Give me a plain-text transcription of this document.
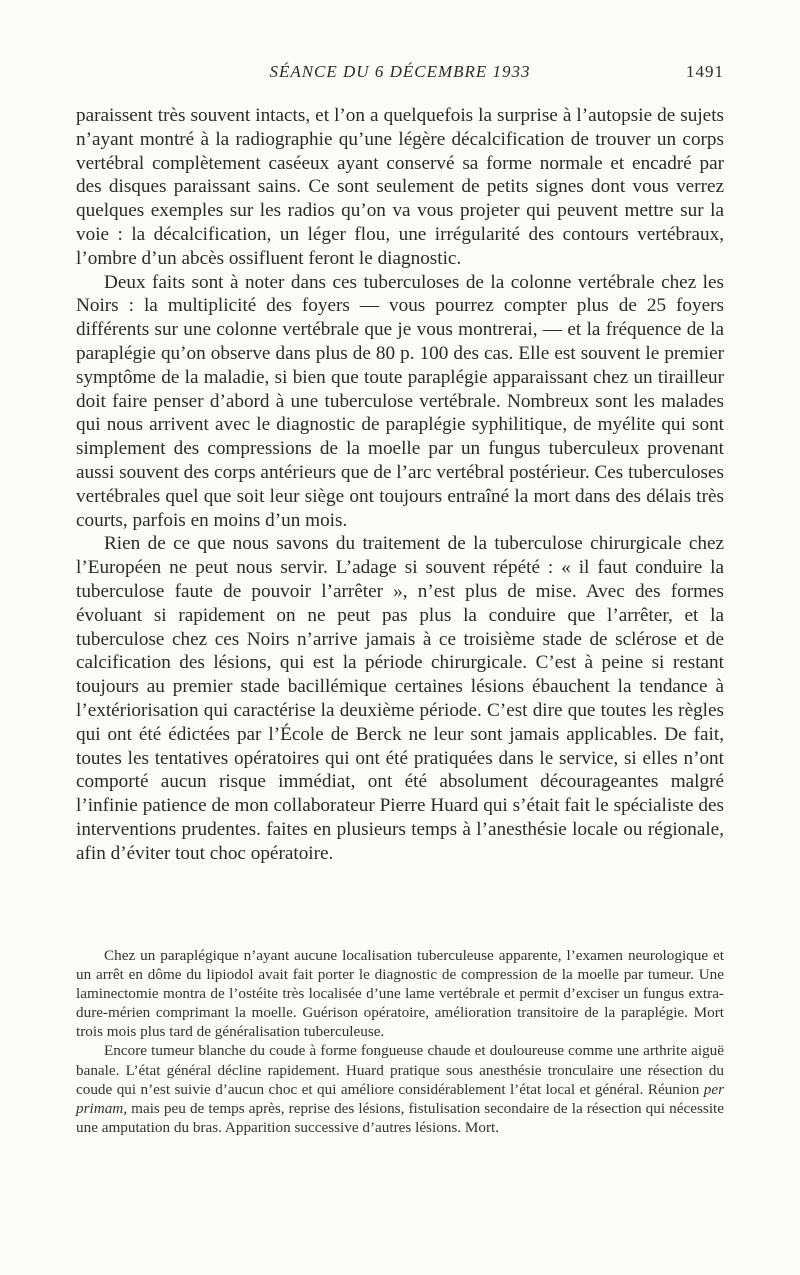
SÉANCE DU 6 DÉCEMBRE 1933	1491

paraissent très souvent intacts, et l’on a quelquefois la surprise à l’autopsie de sujets n’ayant montré à la radiographie qu’une légère décalcification de trouver un corps vertébral complètement caséeux ayant conservé sa forme normale et encadré par des disques paraissant sains. Ce sont seulement de petits signes dont vous verrez quelques exemples sur les radios qu’on va vous projeter qui peuvent mettre sur la voie : la décalcification, un léger flou, une irrégularité des contours vertébraux, l’ombre d’un abcès ossifluent feront le diagnostic.

Deux faits sont à noter dans ces tuberculoses de la colonne vertébrale chez les Noirs : la multiplicité des foyers — vous pourrez compter plus de 25 foyers différents sur une colonne vertébrale que je vous montrerai, — et la fréquence de la paraplégie qu’on observe dans plus de 80 p. 100 des cas. Elle est souvent le premier symptôme de la maladie, si bien que toute paraplégie apparaissant chez un tirailleur doit faire penser d’abord à une tuberculose vertébrale. Nombreux sont les malades qui nous arrivent avec le diagnostic de paraplégie syphilitique, de myélite qui sont simplement des compressions de la moelle par un fungus tuberculeux provenant aussi souvent des corps antérieurs que de l’arc vertébral postérieur. Ces tuberculoses vertébrales quel que soit leur siège ont toujours entraîné la mort dans des délais très courts, parfois en moins d’un mois.

Rien de ce que nous savons du traitement de la tuberculose chirurgicale chez l’Européen ne peut nous servir. L’adage si souvent répété : « il faut conduire la tuberculose faute de pouvoir l’arrêter », n’est plus de mise. Avec des formes évoluant si rapidement on ne peut pas plus la conduire que l’arrêter, et la tuberculose chez ces Noirs n’arrive jamais à ce troisième stade de sclérose et de calcification des lésions, qui est la période chirurgicale. C’est à peine si restant toujours au premier stade bacillémique certaines lésions ébauchent la tendance à l’extériorisation qui caractérise la deuxième période. C’est dire que toutes les règles qui ont été édictées par l’École de Berck ne leur sont jamais applicables. De fait, toutes les tentatives opératoires qui ont été pratiquées dans le service, si elles n’ont comporté aucun risque immédiat, ont été absolument décourageantes malgré l’infinie patience de mon collaborateur Pierre Huard qui s’était fait le spécialiste des interventions prudentes. faites en plusieurs temps à l’anesthésie locale ou régionale, afin d’éviter tout choc opératoire.

Chez un paraplégique n’ayant aucune localisation tuberculeuse apparente, l’examen neurologique et un arrêt en dôme du lipiodol avait fait porter le diagnostic de compression de la moelle par tumeur. Une laminectomie montra de l’ostéite très localisée d’une lame vertébrale et permit d’exciser un fungus extra-dure-mérien comprimant la moelle. Guérison opératoire, amélioration transitoire de la paraplégie. Mort trois mois plus tard de généralisation tuberculeuse.

Encore tumeur blanche du coude à forme fongueuse chaude et douloureuse comme une arthrite aiguë banale. L’état général décline rapidement. Huard pratique sous anesthésie tronculaire une résection du coude qui n’est suivie d’aucun choc et qui améliore considérablement l’état local et général. Réunion per primam, mais peu de temps après, reprise des lésions, fistulisation secondaire de la résection qui nécessite une amputation du bras. Apparition successive d’autres lésions. Mort.
